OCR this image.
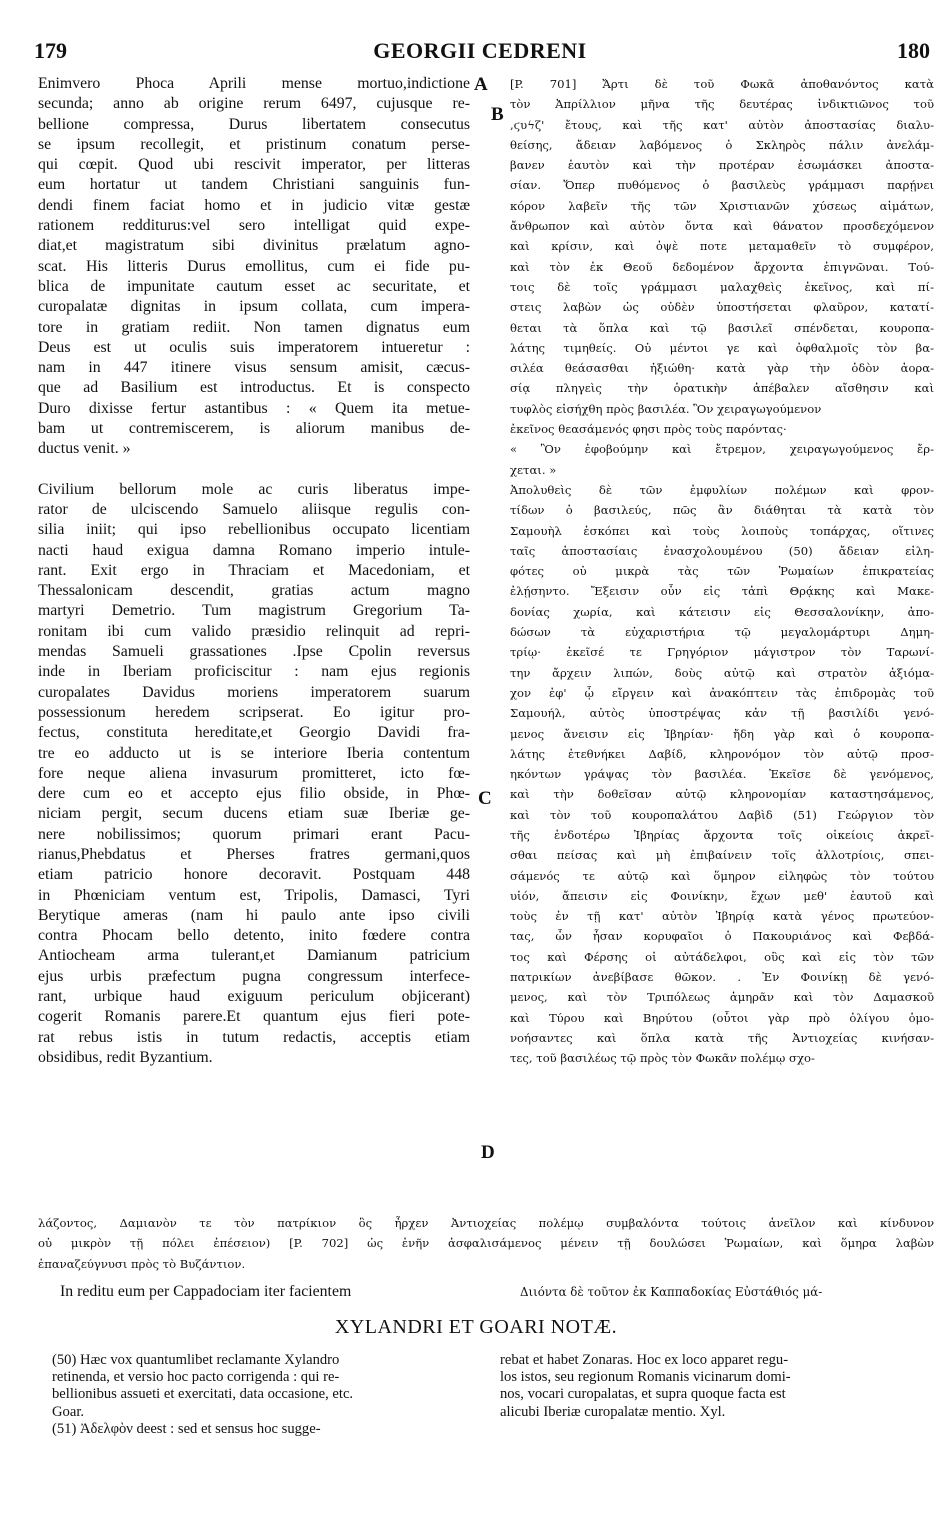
179	GEORGII CEDRENI	180
Enimvero Phoca Aprili mense mortuo,indictione
secunda; anno ab origine rerum 6497, cujusque re-
bellione compressa, Durus libertatem consecutus
se ipsum recollegit, et pristinum conatum perse-
qui cœpit. Quod ubi rescivit imperator, per litteras
eum hortatur ut tandem Christiani sanguinis fun-
dendi finem faciat homo et in judicio vitæ gestæ
rationem redditurus:vel sero intelligat quid expe-
diat,et magistratum sibi divinitus prælatum agno-
scat. His litteris Durus emollitus, cum ei fide pu-
blica de impunitate cautum esset ac securitate, et
curopalatæ dignitas in ipsum collata, cum impera-
tore in gratiam rediit. Non tamen dignatus eum
Deus est ut oculis suis imperatorem intueretur :
nam in 447 itinere visus sensum amisit, cæcus-
que ad Basilium est introductus. Et is conspecto
Duro dixisse fertur astantibus : « Quem ita metue-
bam ut contremiscerem, is aliorum manibus de-
ductus venit. »
Civilium bellorum mole ac curis liberatus impe-
rator de ulciscendo Samuelo aliisque regulis con-
silia iniit; qui ipso rebellionibus occupato licentiam
nacti haud exigua damna Romano imperio intule-
rant. Exit ergo in Thraciam et Macedoniam, et
Thessalonicam descendit, gratias actum magno
martyri Demetrio. Tum magistrum Gregorium Ta-
ronitam ibi cum valido præsidio relinquit ad repri-
mendas Samueli grassationes .Ipse Cpolin reversus
inde in Iberiam proficiscitur : nam ejus regionis
curopalates Davidus moriens imperatorem suarum
possessionum heredem scripserat. Eo igitur pro-
fectus, constituta hereditate,et Georgio Davidi fra-
tre eo adducto ut is se interiore Iberia contentum
fore neque aliena invasurum promitteret, icto fœ-
dere cum eo et accepto ejus filio obside, in Phœ-
niciam pergit, secum ducens etiam suæ Iberiæ ge-
nere nobilissimos; quorum primari erant Pacu-
rianus,Phebdatus et Pherses fratres germani,quos
etiam patricio honore decoravit. Postquam 448
in Phœniciam ventum est, Tripolis, Damasci, Tyri
Berytique ameras (nam hi paulo ante ipso civili
contra Phocam bello detento, inito fœdere contra
Antiocheam arma tulerant,et Damianum patricium
ejus urbis præfectum pugna congressum interfece-
rant, urbique haud exiguum periculum objicerant)
cogerit Romanis parere.Et quantum ejus fieri pote-
rat rebus istis in tutum redactis, acceptis etiam
obsidibus, redit Byzantium.
[P. 701] Ἄρτι δὲ τοῦ Φωκᾶ ἀποθανόντος κατὰ
τὸν Ἀπρίλλιον μῆνα τῆς δευτέρας ἰνδικτιῶνος τοῦ
,ϛυϟζ' ἔτους, καὶ τῆς κατ' αὐτὸν ἀποστασίας διαλυ-
θείσης, ἄδειαν λαβόμενος ὁ Σκληρὸς πάλιν ἀνελάμ-
βανεν ἑαυτὸν καὶ τὴν προτέραν ἐσωμάσκει ἀποστα-
σίαν. Ὅπερ πυθόμενος ὁ βασιλεὺς γράμμασι παρῄνει
κόρον λαβεῖν τῆς τῶν Χριστιανῶν χύσεως αἱμάτων,
ἄνθρωπον καὶ αὐτὸν ὄντα καὶ θάνατον προσδεχόμενον
καὶ κρίσιν, καὶ ὀψὲ ποτε μεταμαθεῖν τὸ συμφέρον,
καὶ τὸν ἐκ Θεοῦ δεδομένον ἄρχοντα ἐπιγνῶναι. Τού-
τοις δὲ τοῖς γράμμασι μαλαχθεὶς ἐκεῖνος, καὶ πί-
στεις λαβὼν ὡς οὐδὲν ὑποστήσεται φλαῦρον, κατατί-
θεται τὰ ὅπλα καὶ τῷ βασιλεῖ σπένδεται, κουροπα-
λάτης τιμηθείς. Οὐ μέντοι γε καὶ ὀφθαλμοῖς τὸν βα-
σιλέα θεάσασθαι ἠξιώθη· κατὰ γὰρ τὴν ὁδὸν ἀορα-
σίᾳ πληγεὶς τὴν ὁρατικὴν ἀπέβαλεν αἴσθησιν καὶ
τυφλὸς εἰσήχθη πρὸς βασιλέα. Ὃν χειραγωγούμενον
ἐκεῖνος θεασάμενός φησι πρὸς τοὺς παρόντας·
« Ὃν ἐφοβούμην καὶ ἔτρεμον, χειραγωγούμενος ἔρ-
χεται. »
Ἀπολυθεὶς δὲ τῶν ἐμφυλίων πολέμων καὶ φρον-
τίδων ὁ βασιλεύς, πῶς ἂν διάθηται τὰ κατὰ τὸν
Σαμουὴλ ἐσκόπει καὶ τοὺς λοιποὺς τοπάρχας, οἵτινες
ταῖς ἀποστασίαις ἐνασχολουμένου (50) ἄδειαν εἰλη-
φότες οὐ μικρὰ τὰς τῶν Ῥωμαίων ἐπικρατείας
ἐλῄσηντο. Ἔξεισιν οὖν εἰς τἀπὶ Θρᾴκης καὶ Μακε-
δονίας χωρία, καὶ κάτεισιν εἰς Θεσσαλονίκην, ἀπο-
δώσων τὰ εὐχαριστήρια τῷ μεγαλομάρτυρι Δημη-
τρίῳ· ἐκεῖσέ τε Γρηγόριον μάγιστρον τὸν Ταρωνί-
την ἄρχειν λιπών, δοὺς αὐτῷ καὶ στρατὸν ἀξιόμα-
χον ἐφ' ᾧ εἴργειν καὶ ἀνακόπτειν τὰς ἐπιδρομὰς τοῦ
Σαμουήλ, αὐτὸς ὑποστρέψας κἀν τῇ βασιλίδι γενό-
μενος ἄνεισιν εἰς Ἰβηρίαν· ἤδη γὰρ καὶ ὁ κουροπα-
λάτης ἐτεθνήκει Δαβίδ, κληρονόμον τὸν αὐτῷ προσ-
ηκόντων γράψας τὸν βασιλέα. Ἐκεῖσε δὲ γενόμενος,
καὶ τὴν δοθεῖσαν αὐτῷ κληρονομίαν καταστησάμενος,
καὶ τὸν τοῦ κουροπαλάτου Δαβὶδ (51) Γεώργιον τὸν
τῆς ἐνδοτέρω Ἰβηρίας ἄρχοντα τοῖς οἰκείοις ἀκρεῖ-
σθαι πείσας καὶ μὴ ἐπιβαίνειν τοῖς ἀλλοτρίοις, σπει-
σάμενός τε αὐτῷ καὶ ὅμηρον εἰληφὼς τὸν τούτου
υἱόν, ἄπεισιν εἰς Φοινίκην, ἔχων μεθ' ἑαυτοῦ καὶ
τοὺς ἐν τῇ κατ' αὐτὸν Ἰβηρίᾳ κατὰ γένος πρωτεύον-
τας, ὧν ἦσαν κορυφαῖοι ὁ Πακουριάνος καὶ Φεβδά-
τος καὶ Φέρσης οἱ αὐτάδελφοι, οὓς καὶ εἰς τὸν τῶν
πατρικίων ἀνεβίβασε θῶκον. . Ἐν Φοινίκῃ δὲ γενό-
μενος, καὶ τὸν Τριπόλεως ἀμηρᾶν καὶ τὸν Δαμασκοῦ
καὶ Τύρου καὶ Βηρύτου (οὗτοι γὰρ πρὸ ὀλίγου ὁμο-
νοήσαντες καὶ ὅπλα κατὰ τῆς Ἀντιοχείας κινήσαν-
τες, τοῦ βασιλέως τῷ πρὸς τὸν Φωκᾶν πολέμῳ σχο-
A
B
C
D
λάζοντος, Δαμιανὸν τε τὸν πατρίκιον ὃς ἦρχεν Ἀντιοχείας πολέμῳ συμβαλόντα τούτοις ἀνεῖλον καὶ κίνδυνον
οὐ μικρὸν τῇ πόλει ἐπέσειον) [P. 702] ὡς ἐνῆν ἀσφαλισάμενος μένειν τῇ δουλώσει Ῥωμαίων, καὶ ὅμηρα λαβὼν
ἐπαναζεύγνυσι πρὸς τὸ Βυζάντιον.
In reditu eum per Cappadociam iter facientem	Διιόντα δὲ τοῦτον ἐκ Καππαδοκίας Εὐστάθιός μά-
XYLANDRI ET GOARI NOTÆ.
(50) Hæc vox quantumlibet reclamante Xylandro
retinenda, et versio hoc pacto corrigenda : qui re-
bellionibus assueti et exercitati, data occasione, etc.
Goar.
(51) Ἀδελφὸν deest : sed et sensus hoc sugge-
rebat et habet Zonaras. Hoc ex loco apparet regu-
los istos, seu regionum Romanis vicinarum domi-
nos, vocari curopalatas, et supra quoque facta est
alicubi Iberiæ curopalatæ mentio. Xyl.
